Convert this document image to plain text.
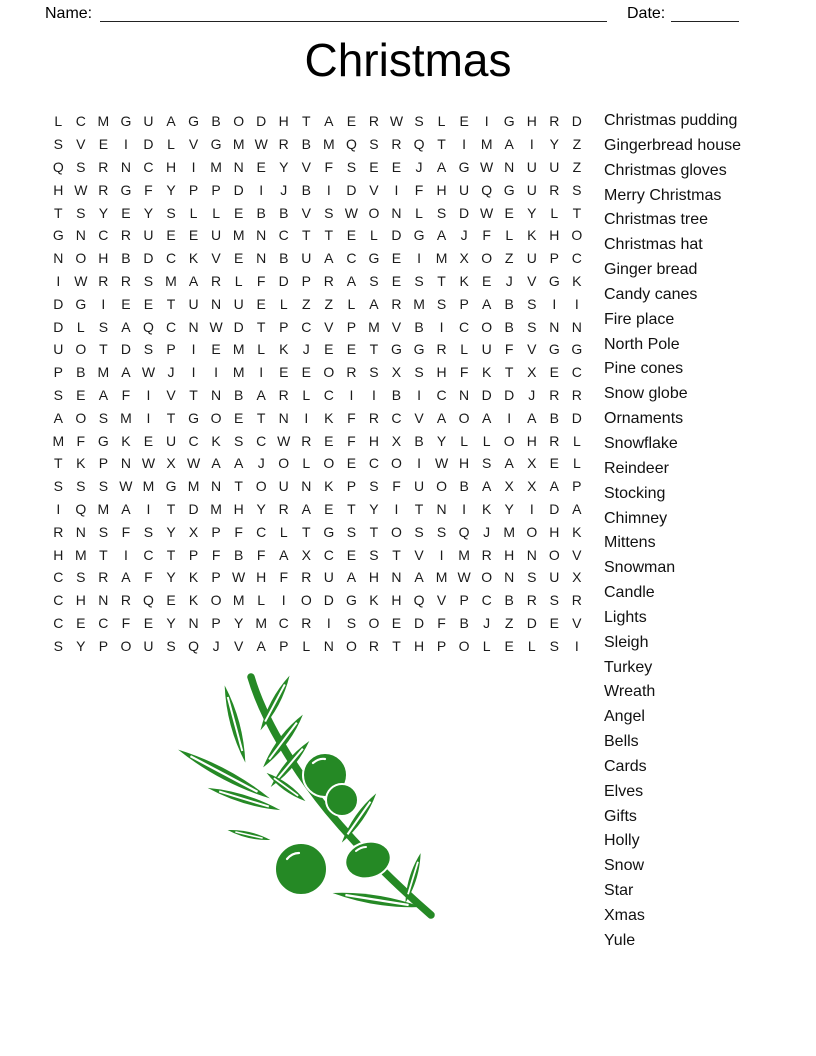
Name:	Date:
Christmas
L C M G U A G B O D H T A E R W S L E	I	G H R D
S V E	I	D L V G M W R B M Q S R Q T	I	M A	I	Y Z
Q S R N C H	I	M N E Y V F S E E	J	A G W N U U Z
H W R G F Y P P D	I	J	B	I	D V	I	F H U Q G U R S
T S Y E Y S L	L E B B V S W O N L S D W E Y L	T
G N C R U E E U M N C T T E L D G A	J	F	L K H O
N O H B D C K V E N B U A C G E	I	M X O Z U P C
I W R R S M A R L	F D P R A S E S T K E	J	V G K
D G	I	E E T U N U E L	Z Z	L A R M S P A B S	I	I
D L S A Q C N W D T P C V P M V B	I	C O B S N N
U O T D S P	I	E M L K	J	E E T G G R L U F V G G
P B M A W J	I	I	M	I	E E O R S X S H F K T X E C
S E A F	I	V T N B A R L C	I	I	B	I	C N D D J R R
A O S M	I	T G O E T N	I	K F R C V A O A	I	A B D
M F G K E U C K S C W R E F H X B Y L	L O H R L
T K P N W X W A A	J O L O E C O	I W H S A X E L
S S S W M G M N T O U N K P S F U O B A X X A P
I	Q M A	I	T D M H Y R A E T Y	I	T N	I	K Y	I	D A
R N S F S Y X P F C L	T G S T O S S Q J M O H K
H M T	I	C T P F B F A X C E S T V	I	M R H N O V
C S R A F Y K P W H F R U A H N A M W O N S U X
C H N R Q E K O M L	I	O D G K H Q V P C B R S R
C E C F E Y N P Y M C R	I	S O E D F B	J	Z D E V
S Y P O U S Q J	V A P L N O R T H P O L E L S	I
Christmas pudding
Gingerbread house
Christmas gloves
Merry Christmas
Christmas tree
Christmas hat
Ginger bread
Candy canes
Fire place
North Pole
Pine cones
Snow globe
Ornaments
Snowflake
Reindeer
Stocking
Chimney
Mittens
Snowman
Candle
Lights
Sleigh
Turkey
Wreath
Angel
Bells
Cards
Elves
Gifts
Holly
Snow
Star
Xmas
Yule
